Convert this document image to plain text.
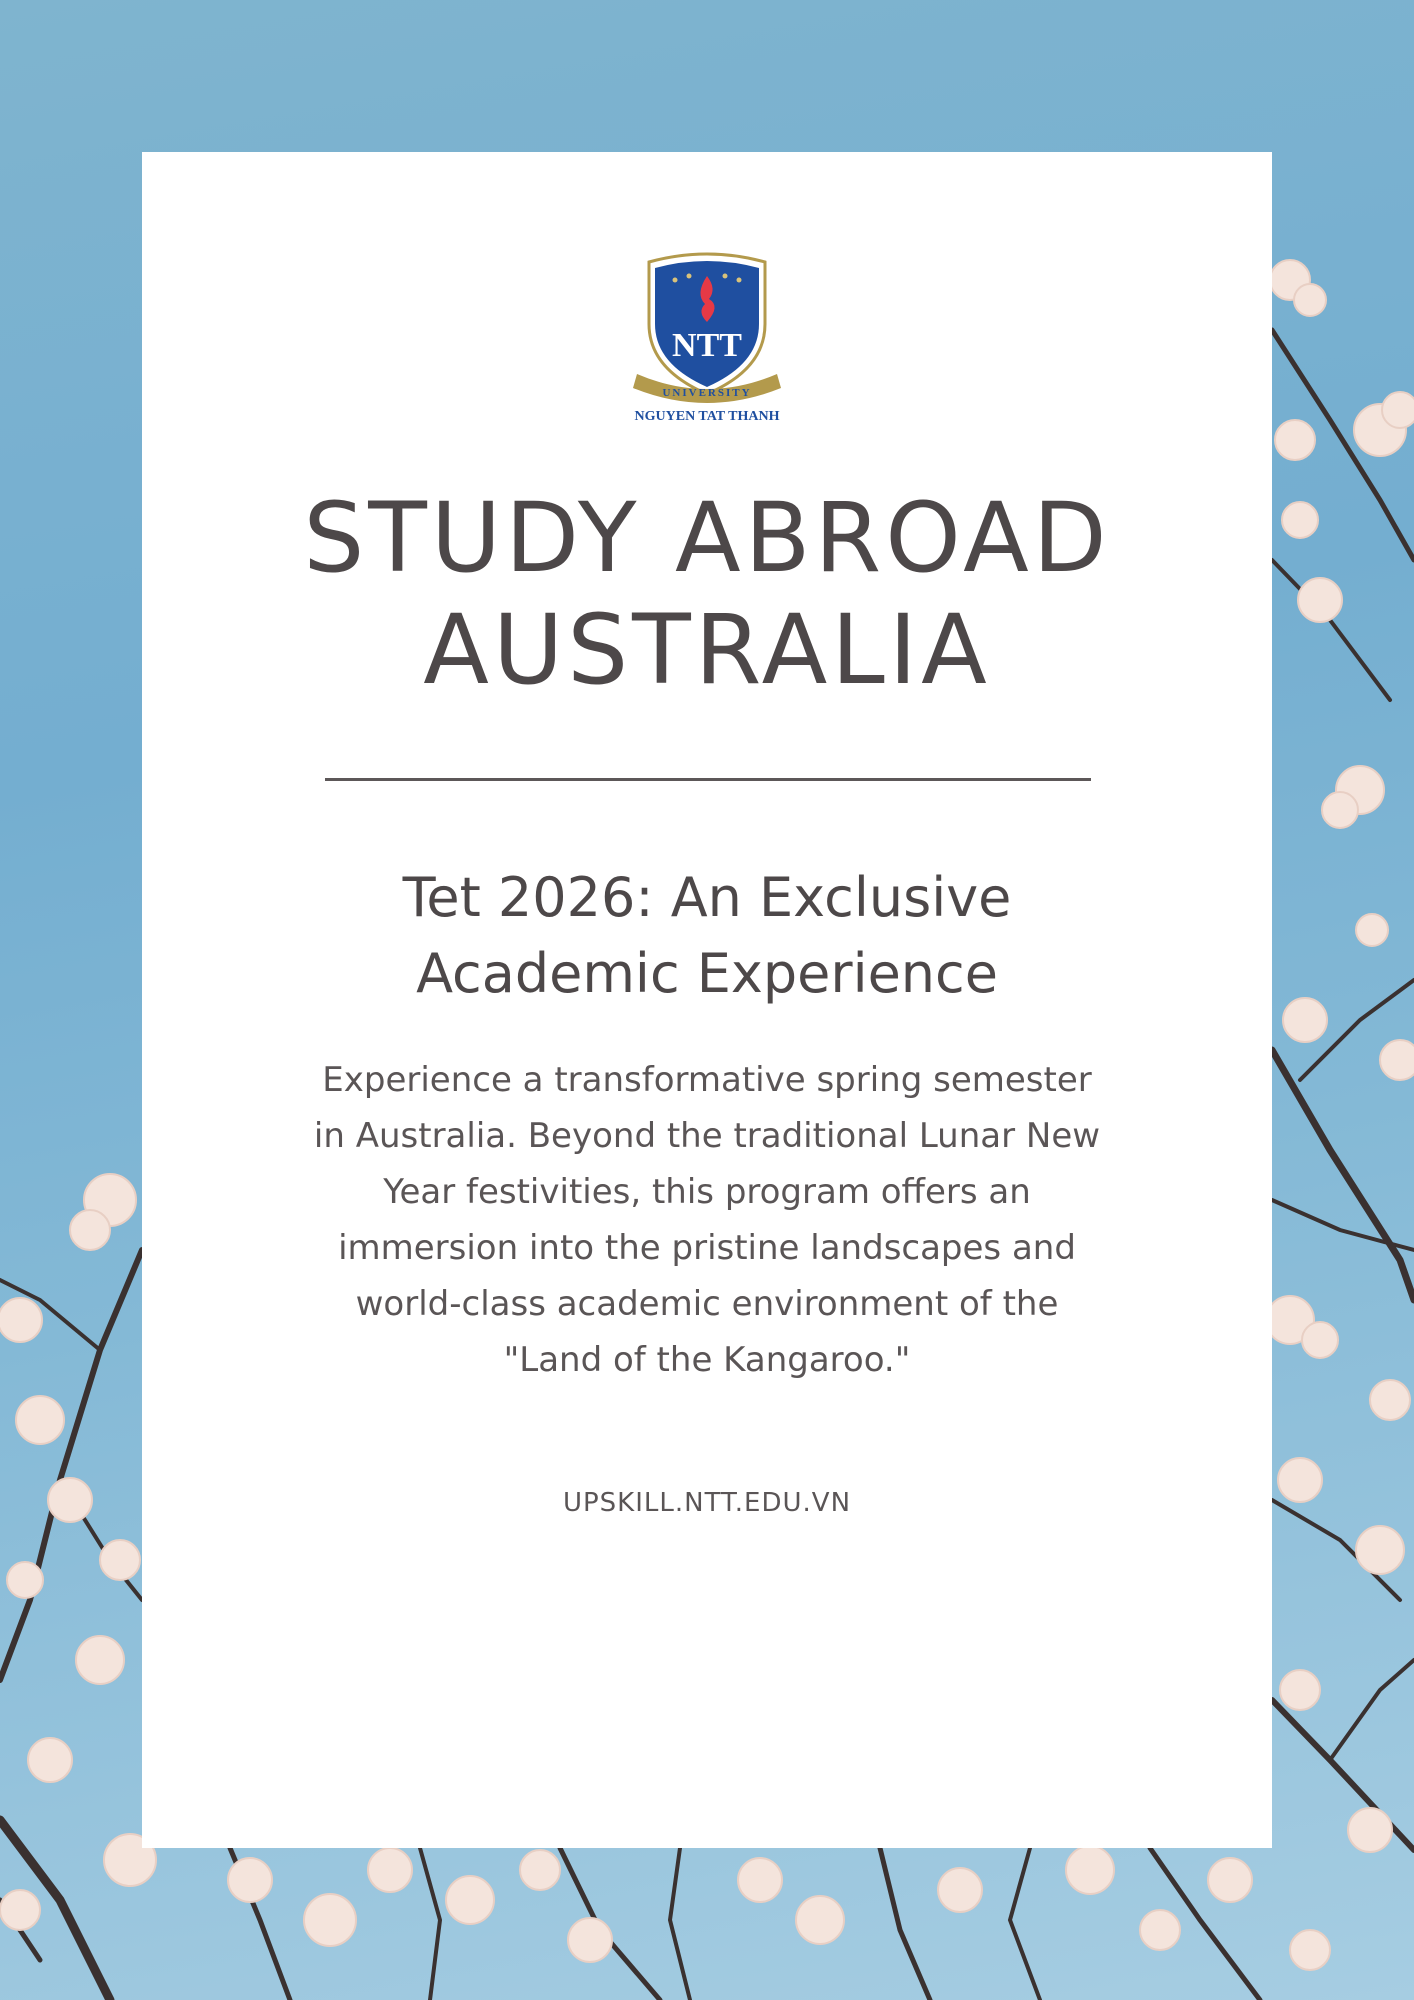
NTT
UNIVERSITY
NGUYEN TAT THANH
STUDY ABROAD
AUSTRALIA
Tet 2026: An Exclusive
Academic Experience

Experience a transformative spring semester in Australia. Beyond the traditional Lunar New Year festivities, this program offers an immersion into the pristine landscapes and world-class academic environment of the "Land of the Kangaroo."

UPSKILL.NTT.EDU.VN
